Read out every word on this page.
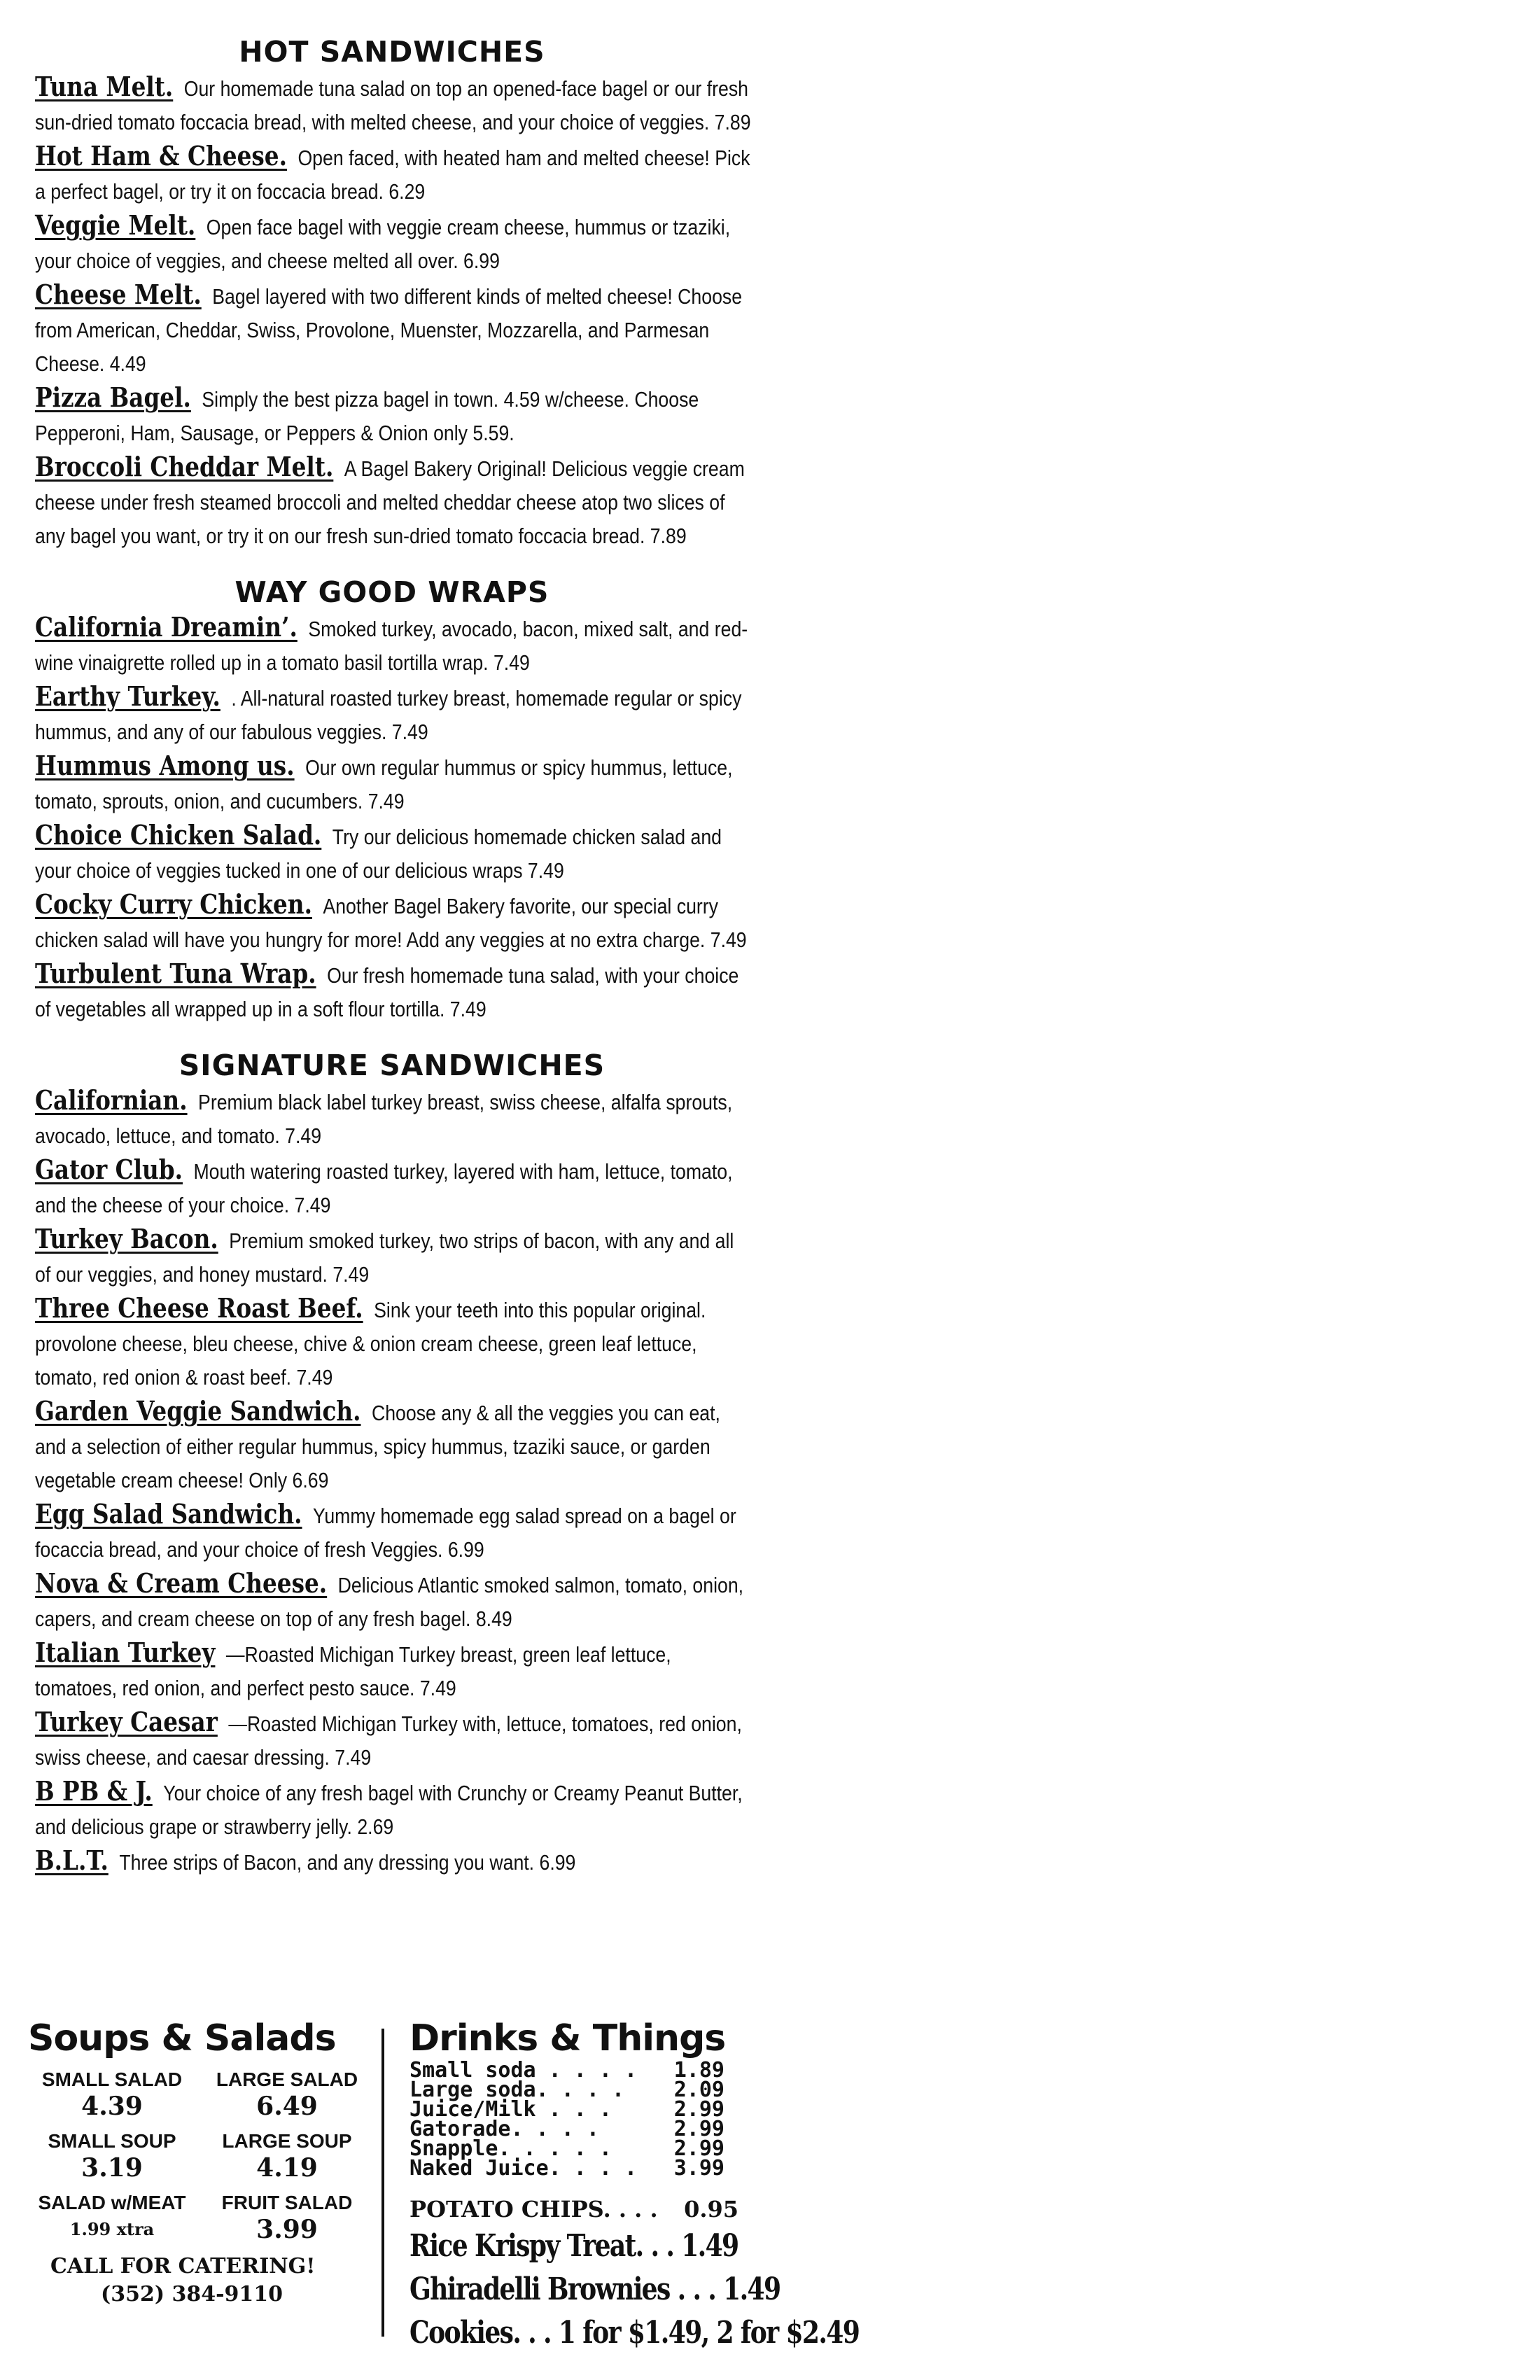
HOT SANDWICHES

Tuna Melt. Our homemade tuna salad on top an opened-face bagel or our fresh sun-dried tomato foccacia bread, with melted cheese, and your choice of veggies. 7.89

Hot Ham & Cheese. Open faced, with heated ham and melted cheese! Pick a perfect bagel, or try it on foccacia bread. 6.29

Veggie Melt. Open face bagel with veggie cream cheese, hummus or tzaziki, your choice of veggies, and cheese melted all over. 6.99

Cheese Melt. Bagel layered with two different kinds of melted cheese! Choose from American, Cheddar, Swiss, Provolone, Muenster, Mozzarella, and Parmesan Cheese. 4.49

Pizza Bagel. Simply the best pizza bagel in town. 4.59 w/cheese. Choose Pepperoni, Ham, Sausage, or Peppers & Onion only 5.59.

Broccoli Cheddar Melt. A Bagel Bakery Original! Delicious veggie cream cheese under fresh steamed broccoli and melted cheddar cheese atop two slices of any bagel you want, or try it on our fresh sun-dried tomato foccacia bread. 7.89

WAY GOOD WRAPS

California Dreamin’. Smoked turkey, avocado, bacon, mixed salt, and red-wine vinaigrette rolled up in a tomato basil tortilla wrap. 7.49

Earthy Turkey. . All-natural roasted turkey breast, homemade regular or spicy hummus, and any of our fabulous veggies. 7.49

Hummus Among us. Our own regular hummus or spicy hummus, lettuce, tomato, sprouts, onion, and cucumbers. 7.49

Choice Chicken Salad. Try our delicious homemade chicken salad and your choice of veggies tucked in one of our delicious wraps 7.49

Cocky Curry Chicken. Another Bagel Bakery favorite, our special curry chicken salad will have you hungry for more! Add any veggies at no extra charge. 7.49

Turbulent Tuna Wrap. Our fresh homemade tuna salad, with your choice of vegetables all wrapped up in a soft flour tortilla. 7.49

SIGNATURE SANDWICHES

Californian. Premium black label turkey breast, swiss cheese, alfalfa sprouts, avocado, lettuce, and tomato. 7.49

Gator Club. Mouth watering roasted turkey, layered with ham, lettuce, tomato, and the cheese of your choice. 7.49

Turkey Bacon. Premium smoked turkey, two strips of bacon, with any and all of our veggies, and honey mustard. 7.49

Three Cheese Roast Beef. Sink your teeth into this popular original. provolone cheese, bleu cheese, chive & onion cream cheese, green leaf lettuce, tomato, red onion & roast beef. 7.49

Garden Veggie Sandwich. Choose any & all the veggies you can eat, and a selection of either regular hummus, spicy hummus, tzaziki sauce, or garden vegetable cream cheese! Only 6.69

Egg Salad Sandwich. Yummy homemade egg salad spread on a bagel or focaccia bread, and your choice of fresh Veggies. 6.99

Nova & Cream Cheese. Delicious Atlantic smoked salmon, tomato, onion, capers, and cream cheese on top of any fresh bagel. 8.49

Italian Turkey —Roasted Michigan Turkey breast, green leaf lettuce, tomatoes, red onion, and perfect pesto sauce. 7.49

Turkey Caesar —Roasted Michigan Turkey with, lettuce, tomatoes, red onion, swiss cheese, and caesar dressing. 7.49

B PB & J. Your choice of any fresh bagel with Crunchy or Creamy Peanut Butter, and delicious grape or strawberry jelly. 2.69

B.L.T. Three strips of Bacon, and any dressing you want. 6.99

Soups & Salads
SMALL SALAD
4.39
LARGE SALAD
6.49
SMALL SOUP
3.19
LARGE SOUP
4.19
SALAD w/MEAT
1.99 xtra
FRUIT SALAD
3.99
CALL FOR CATERING!
(352) 384-9110
Drinks & Things
Small soda . . . . 1.89
Large soda. . . . 2.09
Juice/Milk . . .	2.99
Gatorade. . . .	2.99
Snapple. . . . .	2.99
Naked Juice. . . . 3.99
POTATO CHIPS. . . . 0.95
Rice Krispy Treat. . . 1.49
Ghiradelli Brownies . . . 1.49
Cookies. . . 1 for $1.49, 2 for $2.49
